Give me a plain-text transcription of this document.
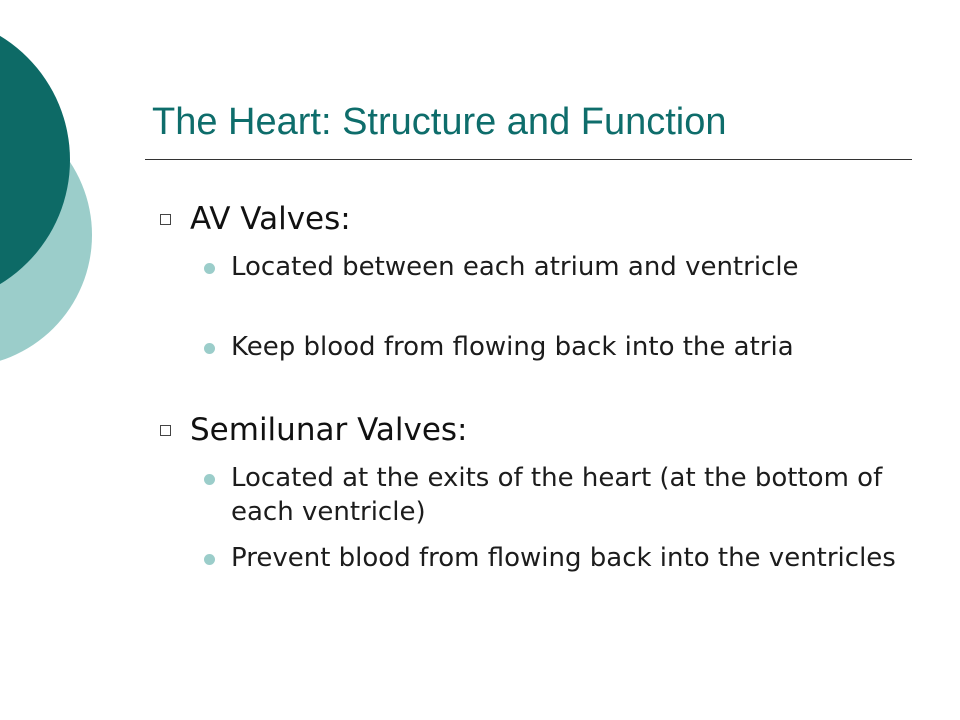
The Heart: Structure and Function
AV Valves:
Located between each atrium and ventricle
Keep blood from flowing back into the atria
Semilunar Valves:
Located at the exits of the heart (at the bottom of each ventricle)
Prevent blood from flowing back into the ventricles
